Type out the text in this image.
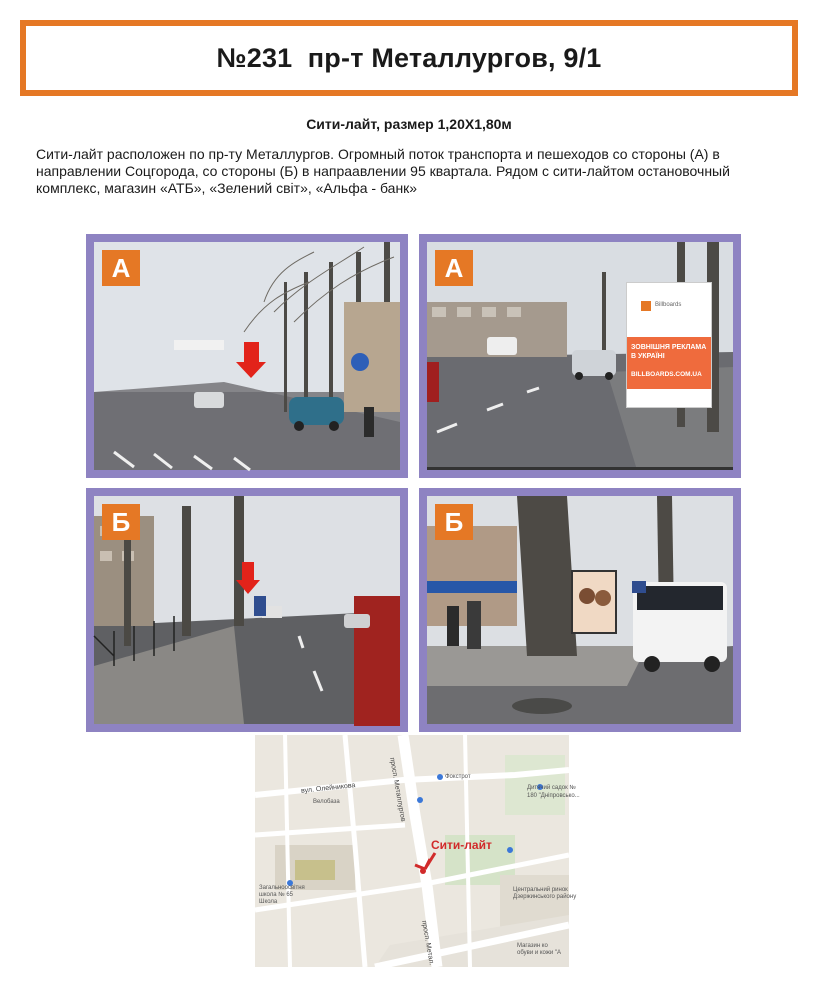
№231  пр-т Металлургов, 9/1
Сити-лайт, размер 1,20Х1,80м
Сити-лайт расположен по пр-ту Металлургов. Огромный поток транспорта и пешеходов со стороны (А) в направлении Соцгорода, со стороны (Б) в напраавлении 95 квартала. Рядом с сити-лайтом остановочный комплекс, магазин «АТБ», «Зелений світ», «Альфа - банк»
А	А
Billboards
ЗОВНІШНЯ РЕКЛАМА В УКРАЇНІ
BILLBOARDS.COM.UA
Б	Б
просп. Металлургов
просп. Метал.
вул. Олейникова
Велобаза
Фокстрот
Дитячий садок №
180 "Дніпровсько...
Загальноосвітня
школа № 65
Школа
Центральний ринок
Дзержинського району
Магазин ко
обуви и кожи "А
Сити-лайт
